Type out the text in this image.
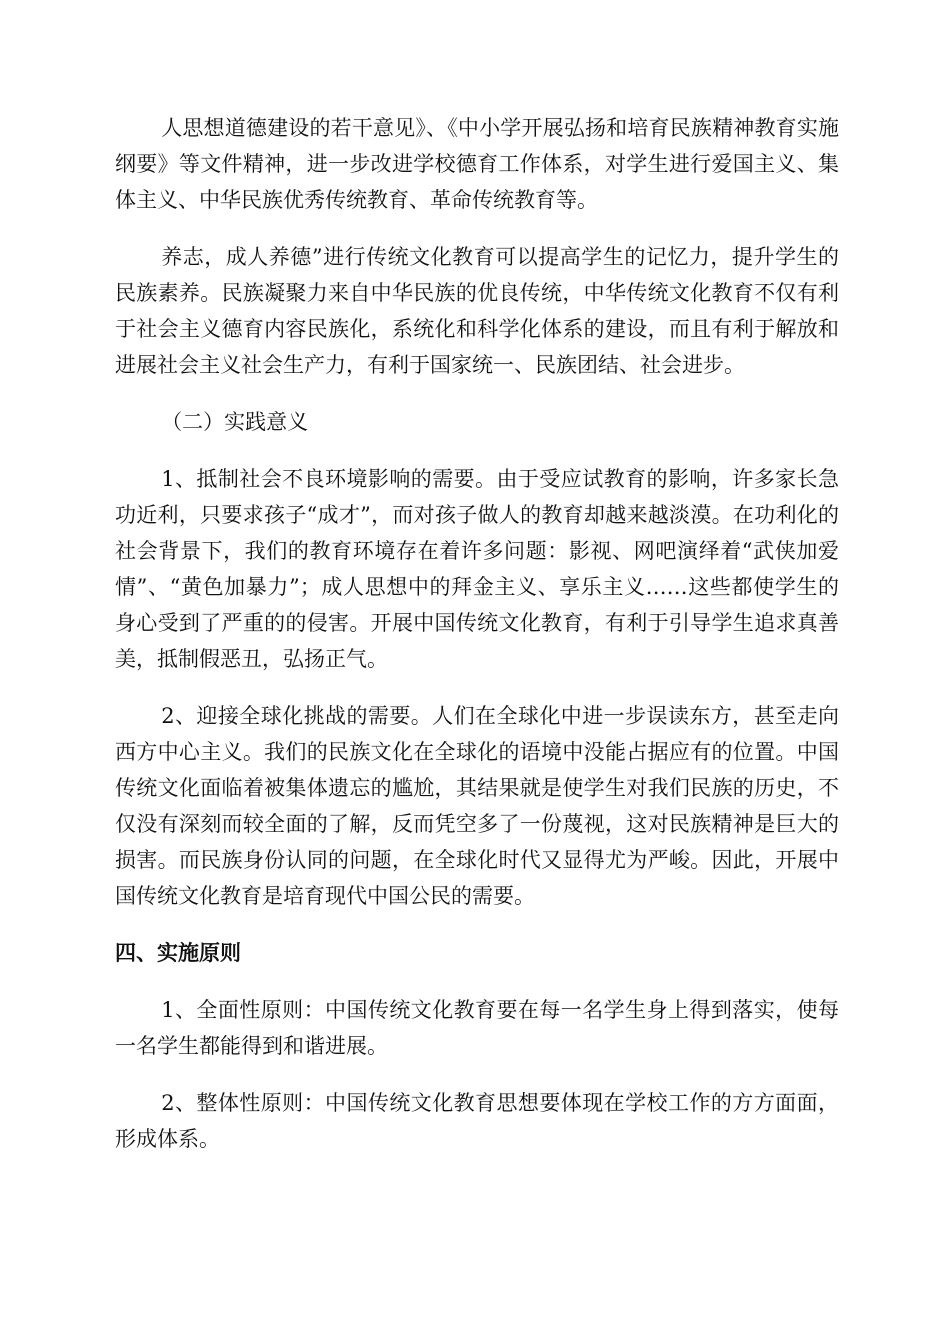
人思想道德建设的若干意见》、《中小学开展弘扬和培育民族精神教育实施纲要》等文件精神，进一步改进学校德育工作体系，对学生进行爱国主义、集体主义、中华民族优秀传统教育、革命传统教育等。

养志，成人养德”进行传统文化教育可以提高学生的记忆力，提升学生的民族素养。民族凝聚力来自中华民族的优良传统，中华传统文化教育不仅有利于社会主义德育内容民族化，系统化和科学化体系的建设，而且有利于解放和进展社会主义社会生产力，有利于国家统一、民族团结、社会进步。

（二）实践意义

1、抵制社会不良环境影响的需要。由于受应试教育的影响，许多家长急功近利，只要求孩子“成才”，而对孩子做人的教育却越来越淡漠。在功利化的社会背景下，我们的教育环境存在着许多问题：影视、网吧演绎着“武侠加爱情”、“黄色加暴力”；成人思想中的拜金主义、享乐主义……这些都使学生的身心受到了严重的的侵害。开展中国传统文化教育，有利于引导学生追求真善美，抵制假恶丑，弘扬正气。

2、迎接全球化挑战的需要。人们在全球化中进一步误读东方，甚至走向西方中心主义。我们的民族文化在全球化的语境中没能占据应有的位置。中国传统文化面临着被集体遗忘的尴尬，其结果就是使学生对我们民族的历史，不仅没有深刻而较全面的了解，反而凭空多了一份蔑视，这对民族精神是巨大的损害。而民族身份认同的问题，在全球化时代又显得尤为严峻。因此，开展中国传统文化教育是培育现代中国公民的需要。

四、实施原则

1、全面性原则：中国传统文化教育要在每一名学生身上得到落实，使每一名学生都能得到和谐进展。

2、整体性原则：中国传统文化教育思想要体现在学校工作的方方面面，形成体系。
